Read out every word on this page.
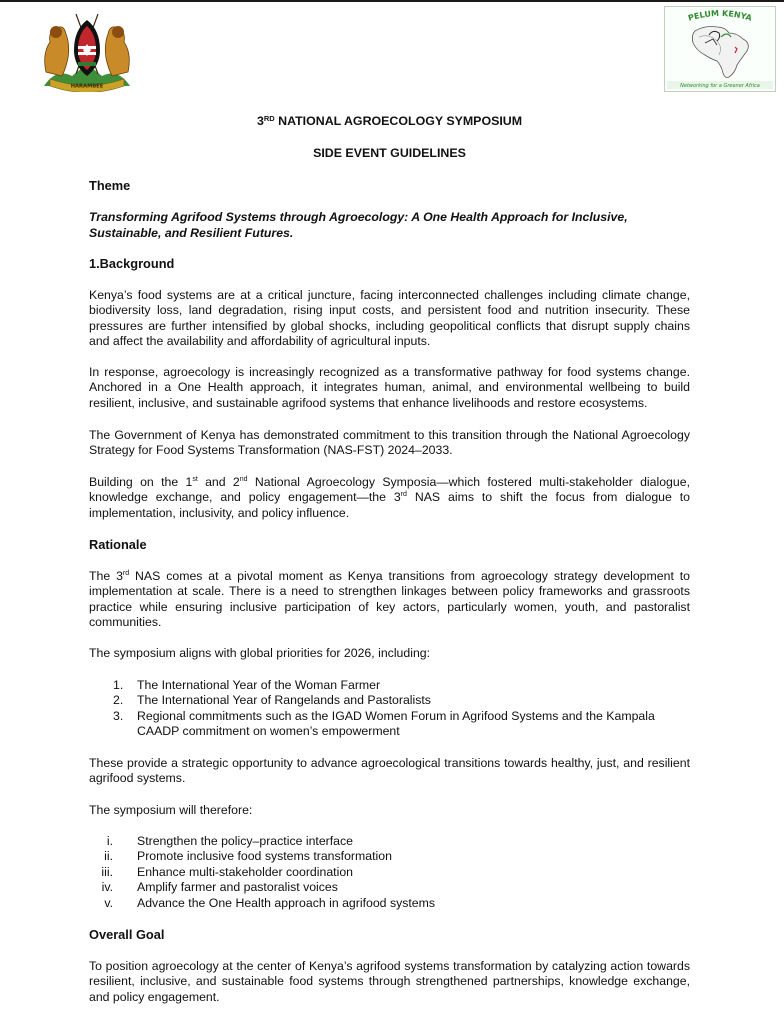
HARAMBEE
PELUM KENYA
Networking for a Greener Africa
3RD NATIONAL AGROECOLOGY SYMPOSIUM
SIDE EVENT GUIDELINES
Theme
Transforming Agrifood Systems through Agroecology: A One Health Approach for Inclusive, Sustainable, and Resilient Futures.
1.Background
Kenya’s food systems are at a critical juncture, facing interconnected challenges including climate change, biodiversity loss, land degradation, rising input costs, and persistent food and nutrition insecurity. These pressures are further intensified by global shocks, including geopolitical conflicts that disrupt supply chains and affect the availability and affordability of agricultural inputs.
In response, agroecology is increasingly recognized as a transformative pathway for food systems change. Anchored in a One Health approach, it integrates human, animal, and environmental wellbeing to build resilient, inclusive, and sustainable agrifood systems that enhance livelihoods and restore ecosystems.
The Government of Kenya has demonstrated commitment to this transition through the National Agroecology Strategy for Food Systems Transformation (NAS-FST) 2024–2033.
Building on the 1st and 2nd National Agroecology Symposia—which fostered multi-stakeholder dialogue, knowledge exchange, and policy engagement—the 3rd NAS aims to shift the focus from dialogue to implementation, inclusivity, and policy influence.
Rationale
The 3rd NAS comes at a pivotal moment as Kenya transitions from agroecology strategy development to implementation at scale. There is a need to strengthen linkages between policy frameworks and grassroots practice while ensuring inclusive participation of key actors, particularly women, youth, and pastoralist communities.
The symposium aligns with global priorities for 2026, including:
1.	The International Year of the Woman Farmer
2.	The International Year of Rangelands and Pastoralists
3.	Regional commitments such as the IGAD Women Forum in Agrifood Systems and the Kampala CAADP commitment on women’s empowerment
These provide a strategic opportunity to advance agroecological transitions towards healthy, just, and resilient agrifood systems.
The symposium will therefore:
i. Strengthen the policy–practice interface
ii. Promote inclusive food systems transformation
iii. Enhance multi-stakeholder coordination
iv. Amplify farmer and pastoralist voices
v. Advance the One Health approach in agrifood systems
Overall Goal
To position agroecology at the center of Kenya’s agrifood systems transformation by catalyzing action towards resilient, inclusive, and sustainable food systems through strengthened partnerships, knowledge exchange, and policy engagement.
